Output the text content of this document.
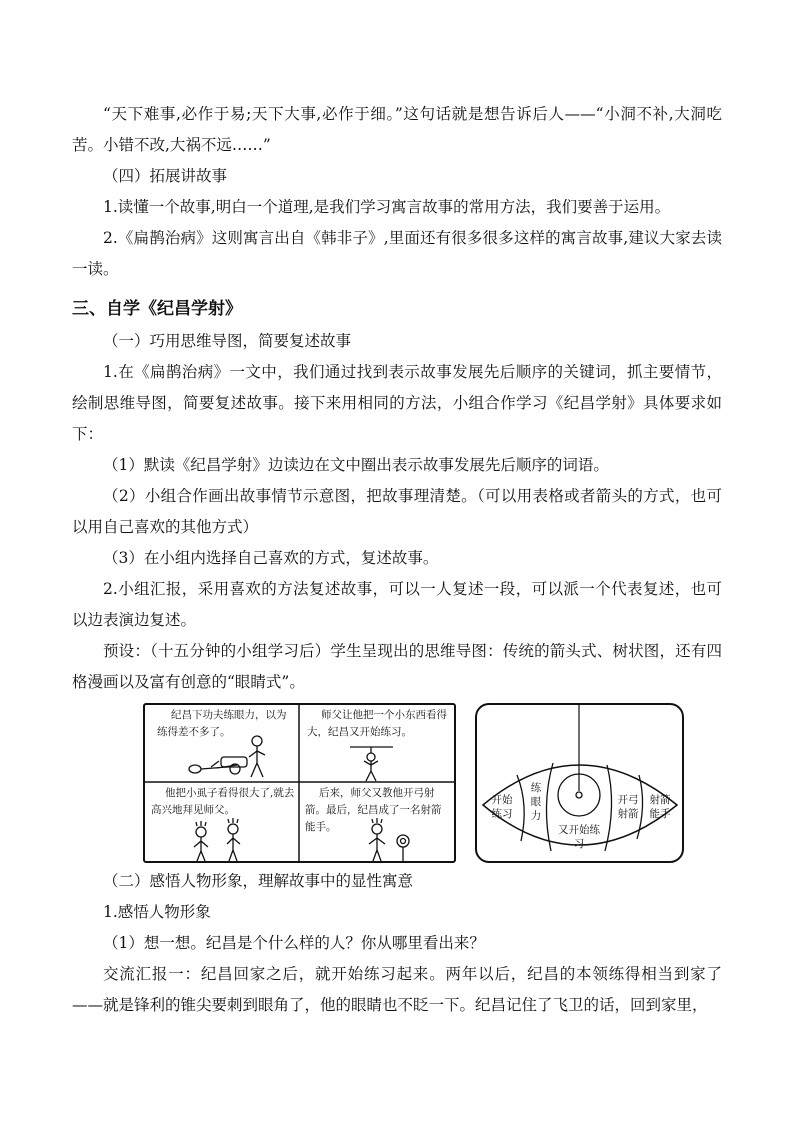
“天下难事,必作于易;天下大事,必作于细。”这句话就是想告诉后人——“小洞不补,大洞吃苦。小错不改,大祸不远……”

（四）拓展讲故事

1.读懂一个故事,明白一个道理,是我们学习寓言故事的常用方法，我们要善于运用。

2.《扁鹊治病》这则寓言出自《韩非子》,里面还有很多很多这样的寓言故事,建议大家去读一读。

三、自学《纪昌学射》

（一）巧用思维导图，简要复述故事

1.在《扁鹊治病》一文中，我们通过找到表示故事发展先后顺序的关键词，抓主要情节，绘制思维导图，简要复述故事。接下来用相同的方法，小组合作学习《纪昌学射》具体要求如下：

（1）默读《纪昌学射》边读边在文中圈出表示故事发展先后顺序的词语。

（2）小组合作画出故事情节示意图，把故事理清楚。（可以用表格或者箭头的方式，也可以用自己喜欢的其他方式）

（3）在小组内选择自己喜欢的方式，复述故事。

2.小组汇报，采用喜欢的方法复述故事，可以一人复述一段，可以派一个代表复述，也可以边表演边复述。

预设：（十五分钟的小组学习后）学生呈现出的思维导图：传统的箭头式、树状图，还有四格漫画以及富有创意的“眼睛式”。

纪昌下功夫练眼力，以为练得差不多了。
师父让他把一个小东西看得大，纪昌又开始练习。
他把小虱子看得很大了,就去高兴地拜见师父。
后来，师父又教他开弓射箭。最后，纪昌成了一名射箭能手。
开始练习
练眼力
又开始练习
开弓射箭
射箭能手

（二）感悟人物形象，理解故事中的显性寓意

1.感悟人物形象

（1）想一想。纪昌是个什么样的人？你从哪里看出来？

交流汇报一：纪昌回家之后，就开始练习起来。两年以后，纪昌的本领练得相当到家了——就是锋利的锥尖要刺到眼角了，他的眼睛也不眨一下。纪昌记住了飞卫的话，回到家里，
